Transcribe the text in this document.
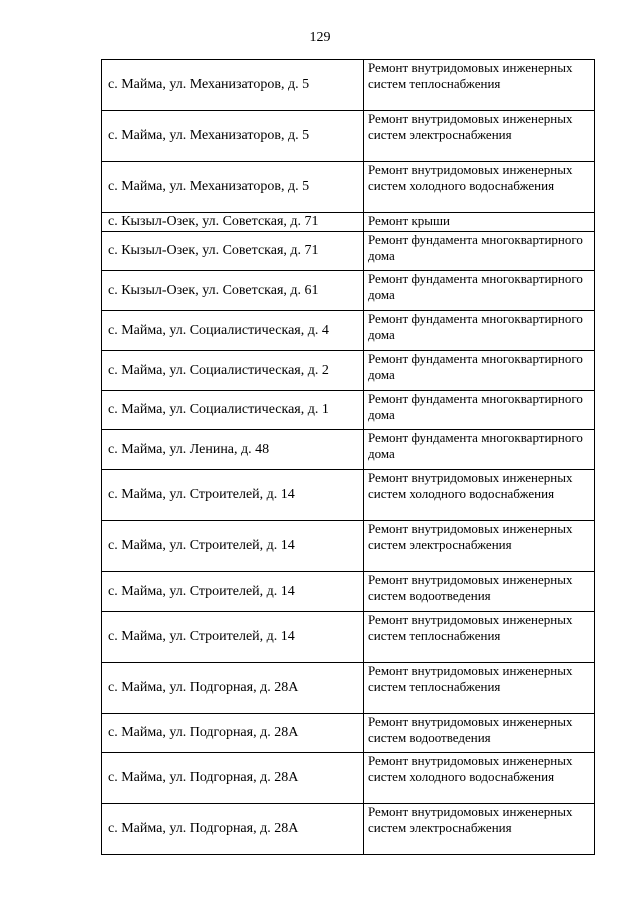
129
с. Майма, ул. Механизаторов, д. 5	Ремонт внутридомовых инженерных систем теплоснабжения
с. Майма, ул. Механизаторов, д. 5	Ремонт внутридомовых инженерных систем электроснабжения
с. Майма, ул. Механизаторов, д. 5	Ремонт внутридомовых инженерных систем холодного водоснабжения
с. Кызыл-Озек, ул. Советская, д. 71	Ремонт крыши
с. Кызыл-Озек, ул. Советская, д. 71	Ремонт фундамента многоквартирного дома
с. Кызыл-Озек, ул. Советская, д. 61	Ремонт фундамента многоквартирного дома
с. Майма, ул. Социалистическая, д. 4	Ремонт фундамента многоквартирного дома
с. Майма, ул. Социалистическая, д. 2	Ремонт фундамента многоквартирного дома
с. Майма, ул. Социалистическая, д. 1	Ремонт фундамента многоквартирного дома
с. Майма, ул. Ленина, д. 48	Ремонт фундамента многоквартирного дома
с. Майма, ул. Строителей, д. 14	Ремонт внутридомовых инженерных систем холодного водоснабжения
с. Майма, ул. Строителей, д. 14	Ремонт внутридомовых инженерных систем электроснабжения
с. Майма, ул. Строителей, д. 14	Ремонт внутридомовых инженерных систем водоотведения
с. Майма, ул. Строителей, д. 14	Ремонт внутридомовых инженерных систем теплоснабжения
с. Майма, ул. Подгорная, д. 28А	Ремонт внутридомовых инженерных систем теплоснабжения
с. Майма, ул. Подгорная, д. 28А	Ремонт внутридомовых инженерных систем водоотведения
с. Майма, ул. Подгорная, д. 28А	Ремонт внутридомовых инженерных систем холодного водоснабжения
с. Майма, ул. Подгорная, д. 28А	Ремонт внутридомовых инженерных систем электроснабжения
